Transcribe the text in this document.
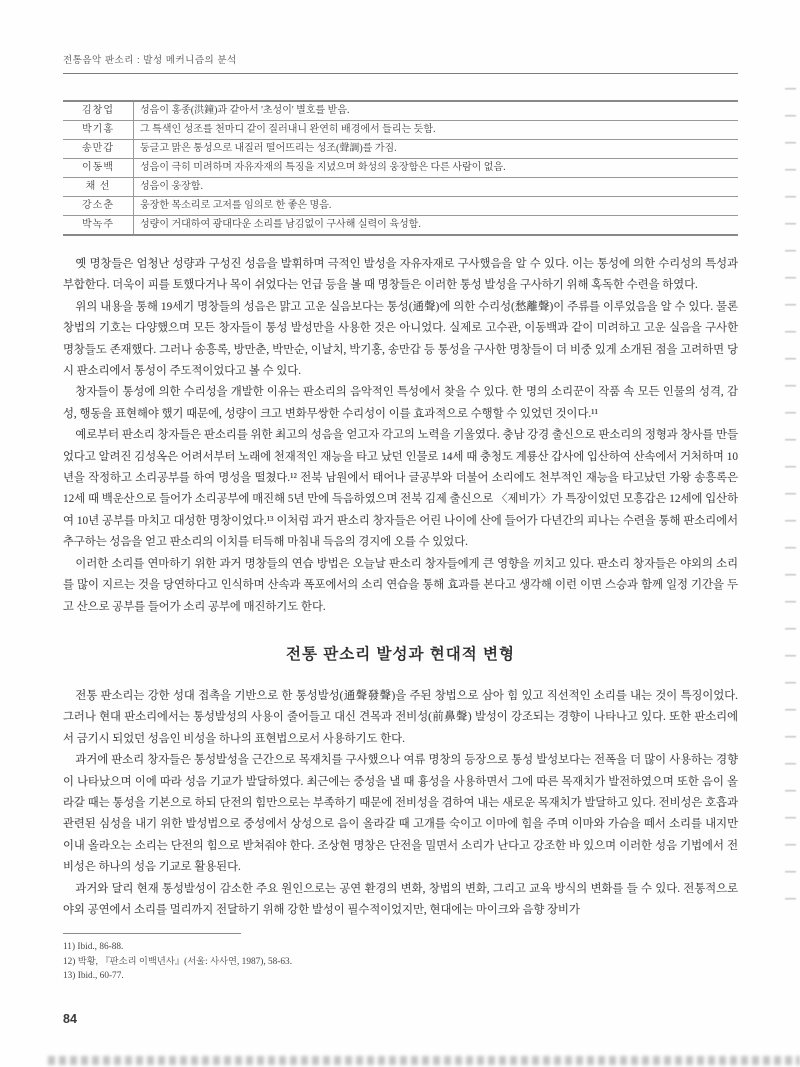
전통음악 판소리 : 발성 메커니즘의 분석
김창업	성음이 홍종(洪鐘)과 같아서 '초성이' 별호를 받음.
박기홍	그 특색인 성조를 천마디 같이 질러내니 완연히 배경에서 들리는 듯함.
송만갑	둥글고 맑은 통성으로 내질러 떨어뜨리는 성조(聲調)를 가짐.
이동백	성음이 극히 미려하며 자유자재의 특징을 지녔으며 화성의 웅장함은 다른 사람이 없음.
채 선	성음이 웅장함.
강소춘	웅장한 목소리로 고저를 임의로 한 좋은 명음.
박녹주	성량이 거대하여 광대다운 소리를 남김없이 구사해 실력이 육성함.

옛 명창들은 엄청난 성량과 구성진 성음을 발휘하며 극적인 발성을 자유자재로 구사했음을 알 수 있다. 이는 통성에 의한 수리성의 특성과 부합한다. 더욱이 피를 토했다거나 목이 쉬었다는 언급 등을 볼 때 명창들은 이러한 통성 발성을 구사하기 위해 혹독한 수련을 하였다.

위의 내용을 통해 19세기 명창들의 성음은 맑고 고운 실음보다는 통성(通聲)에 의한 수리성(愁離聲)이 주류를 이루었음을 알 수 있다. 물론 창법의 기호는 다양했으며 모든 창자들이 통성 발성만을 사용한 것은 아니었다. 실제로 고수관, 이동백과 같이 미려하고 고운 실음을 구사한 명창들도 존재했다. 그러나 송흥록, 방만춘, 박만순, 이날치, 박기홍, 송만갑 등 통성을 구사한 명창들이 더 비중 있게 소개된 점을 고려하면 당시 판소리에서 통성이 주도적이었다고 볼 수 있다.

창자들이 통성에 의한 수리성을 개발한 이유는 판소리의 음악적인 특성에서 찾을 수 있다. 한 명의 소리꾼이 작품 속 모든 인물의 성격, 감성, 행동을 표현해야 했기 때문에, 성량이 크고 변화무쌍한 수리성이 이를 효과적으로 수행할 수 있었던 것이다.¹¹

예로부터 판소리 창자들은 판소리를 위한 최고의 성음을 얻고자 각고의 노력을 기울였다. 충남 강경 출신으로 판소리의 정형과 창사를 만들었다고 알려진 김성옥은 어려서부터 노래에 천재적인 재능을 타고 났던 인물로 14세 때 충청도 계룡산 갑사에 입산하여 산속에서 거처하며 10년을 작정하고 소리공부를 하여 명성을 떨쳤다.¹² 전북 남원에서 태어나 글공부와 더불어 소리에도 천부적인 재능을 타고났던 가왕 송흥록은 12세 때 백운산으로 들어가 소리공부에 매진해 5년 만에 득음하였으며 전북 김제 출신으로 〈제비가〉가 특장이었던 모흥갑은 12세에 입산하여 10년 공부를 마치고 대성한 명창이었다.¹³ 이처럼 과거 판소리 창자들은 어린 나이에 산에 들어가 다년간의 피나는 수련을 통해 판소리에서 추구하는 성음을 얻고 판소리의 이치를 터득해 마침내 득음의 경지에 오를 수 있었다.

이러한 소리를 연마하기 위한 과거 명창들의 연습 방법은 오늘날 판소리 창자들에게 큰 영향을 끼치고 있다. 판소리 창자들은 야외의 소리를 많이 지르는 것을 당연하다고 인식하며 산속과 폭포에서의 소리 연습을 통해 효과를 본다고 생각해 이런 이면 스승과 함께 일정 기간을 두고 산으로 공부를 들어가 소리 공부에 매진하기도 한다.

전통 판소리 발성과 현대적 변형

전통 판소리는 강한 성대 접촉을 기반으로 한 통성발성(通聲發聲)을 주된 창법으로 삼아 힘 있고 직선적인 소리를 내는 것이 특징이었다. 그러나 현대 판소리에서는 통성발성의 사용이 줄어들고 대신 견목과 전비성(前鼻聲) 발성이 강조되는 경향이 나타나고 있다. 또한 판소리에서 금기시 되었던 성음인 비성을 하나의 표현법으로서 사용하기도 한다.

과거에 판소리 창자들은 통성발성을 근간으로 목재치를 구사했으나 여류 명창의 등장으로 통성 발성보다는 전폭을 더 많이 사용하는 경향이 나타났으며 이에 따라 성음 기교가 발달하였다. 최근에는 중성을 낼 때 흉성을 사용하면서 그에 따른 목재치가 발전하였으며 또한 음이 올라갈 때는 통성을 기본으로 하되 단전의 힘만으로는 부족하기 때문에 전비성을 겸하여 내는 새로운 목재치가 발달하고 있다. 전비성은 호흡과 관련된 심성을 내기 위한 발성법으로 중성에서 상성으로 음이 올라갈 때 고개를 숙이고 이마에 힘을 주며 이마와 가슴을 떼서 소리를 내지만 이내 올라오는 소리는 단전의 힘으로 받쳐줘야 한다. 조상현 명창은 단전을 밀면서 소리가 난다고 강조한 바 있으며 이러한 성음 기법에서 전비성은 하나의 성음 기교로 활용된다.

과거와 달리 현재 통성발성이 감소한 주요 원인으로는 공연 환경의 변화, 창법의 변화, 그리고 교육 방식의 변화를 들 수 있다. 전통적으로 야외 공연에서 소리를 멀리까지 전달하기 위해 강한 발성이 필수적이었지만, 현대에는 마이크와 음향 장비가

11) Ibid., 86-88.

12) 박황, 『판소리 이백년사』(서울: 사사연, 1987), 58-63.

13) Ibid., 60-77.

84
